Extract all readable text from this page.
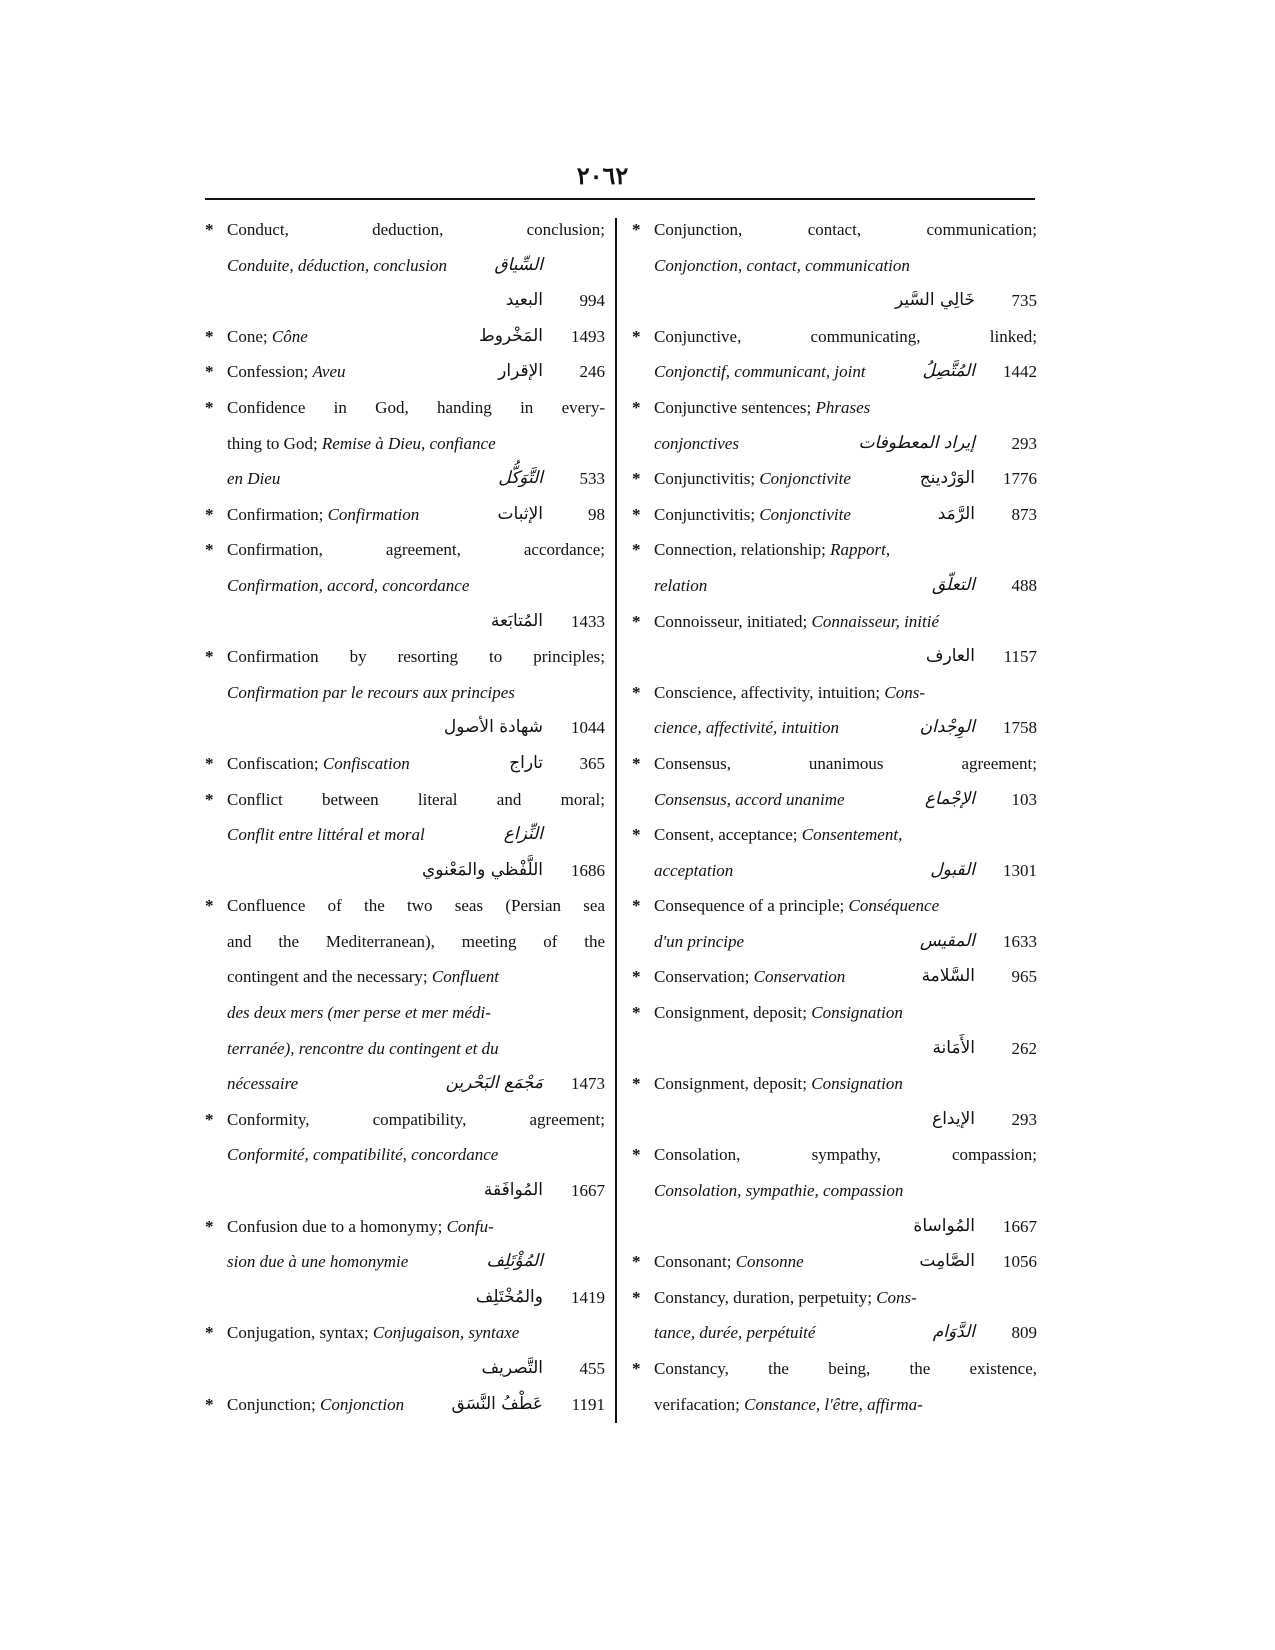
٢٠٦٢
* Conduct, deduction, conclusion;
Conduite, déduction, conclusion	السِّياق
البعيد	994
* Cone; Cône	المَخْروط	1493
* Confession; Aveu	الإقرار	246
* Confidence in God, handing in every-
thing to God; Remise à Dieu, confiance
en Dieu	التَّوَكُّل	533
* Confirmation; Confirmation	الإثبات	98
* Confirmation, agreement, accordance;
Confirmation, accord, concordance
المُتابَعة	1433
* Confirmation by resorting to principles;
Confirmation par le recours aux principes
شهادة الأصول	1044
* Confiscation; Confiscation	تاراج	365
* Conflict between literal and moral;
Conflit entre littéral et moral	النِّزاع
اللَّفْظي والمَعْنوي	1686
* Confluence of the two seas (Persian sea
and the Mediterranean), meeting of the
contingent and the necessary; Confluent
des deux mers (mer perse et mer médi-
terranée), rencontre du contingent et du
nécessaire	مَجْمَع البَحْرين	1473
* Conformity, compatibility, agreement;
Conformité, compatibilité, concordance
المُوافَقة	1667
* Confusion due to a homonymy; Confu-
sion due à une homonymie	المُؤْتَلِف
والمُخْتَلِف	1419
* Conjugation, syntax; Conjugaison, syntaxe
التَّصريف	455
* Conjunction; Conjonction	عَطْفُ النَّسَق	1191
* Conjunction, contact, communication;
Conjonction, contact, communication
خَالِي السَّير	735
* Conjunctive, communicating, linked;
Conjonctif, communicant, joint	المُتَّصِلُ	1442
* Conjunctive sentences; Phrases
conjonctives	إيراد المعطوفات	293
* Conjunctivitis; Conjonctivite	الوَرْدينج	1776
* Conjunctivitis; Conjonctivite	الرَّمَد	873
* Connection, relationship; Rapport,
relation	التعلّق	488
* Connoisseur, initiated; Connaisseur, initié
العارف	1157
* Conscience, affectivity, intuition; Cons-
cience, affectivité, intuition	الوِجْدان	1758
* Consensus, unanimous agreement;
Consensus, accord unanime	الإجْماع	103
* Consent, acceptance; Consentement,
acceptation	القبول	1301
* Consequence of a principle; Conséquence
d'un principe	المقيس	1633
* Conservation; Conservation	السَّلامة	965
* Consignment, deposit; Consignation
الأَمَانة	262
* Consignment, deposit; Consignation
الإيداع	293
* Consolation, sympathy, compassion;
Consolation, sympathie, compassion
المُواساة	1667
* Consonant; Consonne	الصَّامِت	1056
* Constancy, duration, perpetuity; Cons-
tance, durée, perpétuité	الدَّوَام	809
* Constancy, the being, the existence,
verifacation; Constance, l'être, affirma-
